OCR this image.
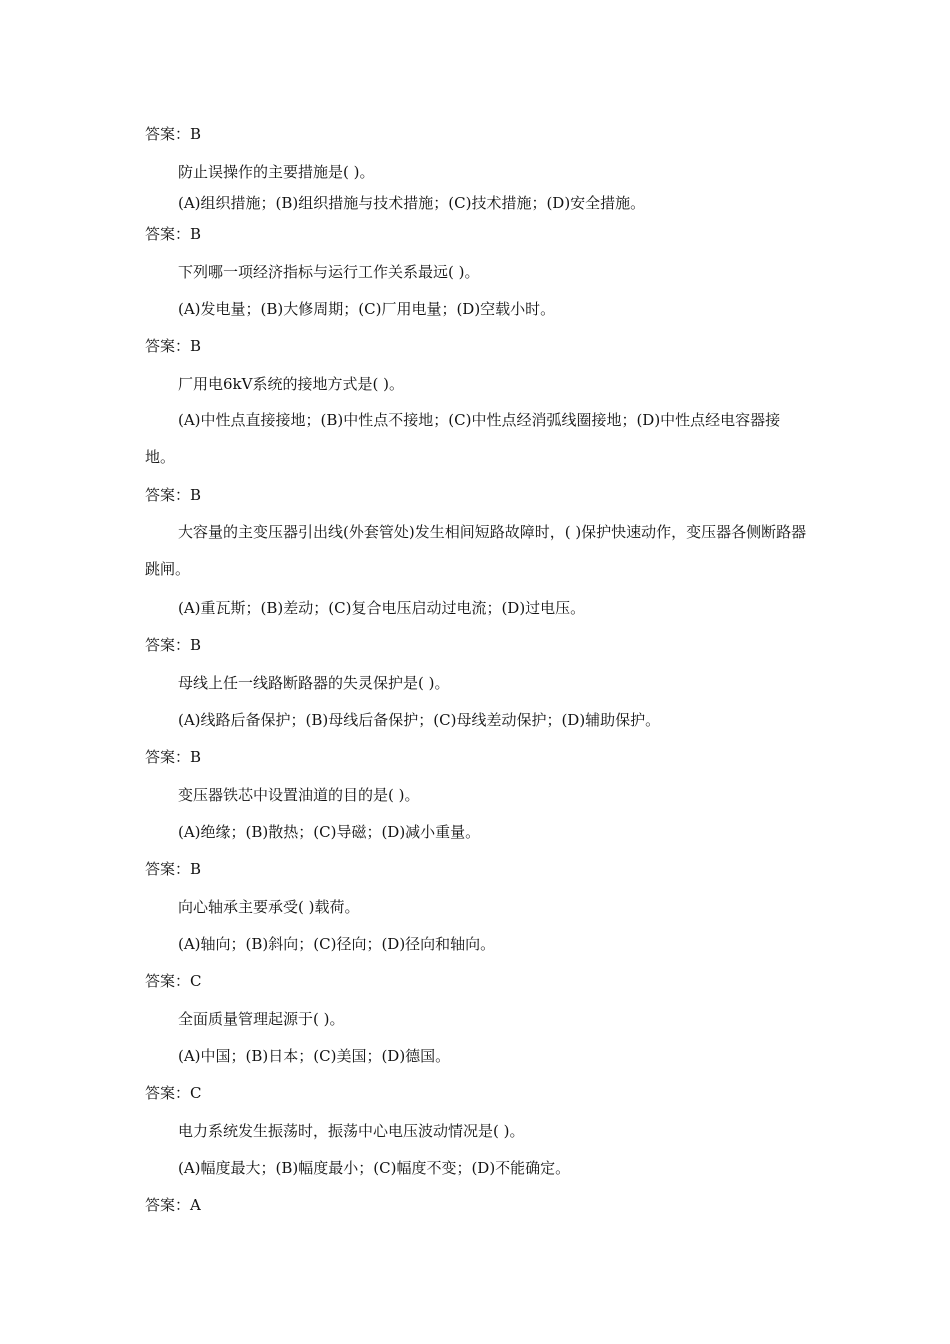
答案：B
防止误操作的主要措施是( )。
(A)组织措施；(B)组织措施与技术措施；(C)技术措施；(D)安全措施。
答案：B
下列哪一项经济指标与运行工作关系最远( )。
(A)发电量；(B)大修周期；(C)厂用电量；(D)空载小时。
答案：B
厂用电6kV系统的接地方式是( )。
(A)中性点直接接地；(B)中性点不接地；(C)中性点经消弧线圈接地；(D)中性点经电容器接地。
答案：B
大容量的主变压器引出线(外套管处)发生相间短路故障时，( )保护快速动作，变压器各侧断路器跳闸。
(A)重瓦斯；(B)差动；(C)复合电压启动过电流；(D)过电压。
答案：B
母线上任一线路断路器的失灵保护是( )。
(A)线路后备保护；(B)母线后备保护；(C)母线差动保护；(D)辅助保护。
答案：B
变压器铁芯中设置油道的目的是( )。
(A)绝缘；(B)散热；(C)导磁；(D)减小重量。
答案：B
向心轴承主要承受( )载荷。
(A)轴向；(B)斜向；(C)径向；(D)径向和轴向。
答案：C
全面质量管理起源于( )。
(A)中国；(B)日本；(C)美国；(D)德国。
答案：C
电力系统发生振荡时，振荡中心电压波动情况是( )。
(A)幅度最大；(B)幅度最小；(C)幅度不变；(D)不能确定。
答案：A
